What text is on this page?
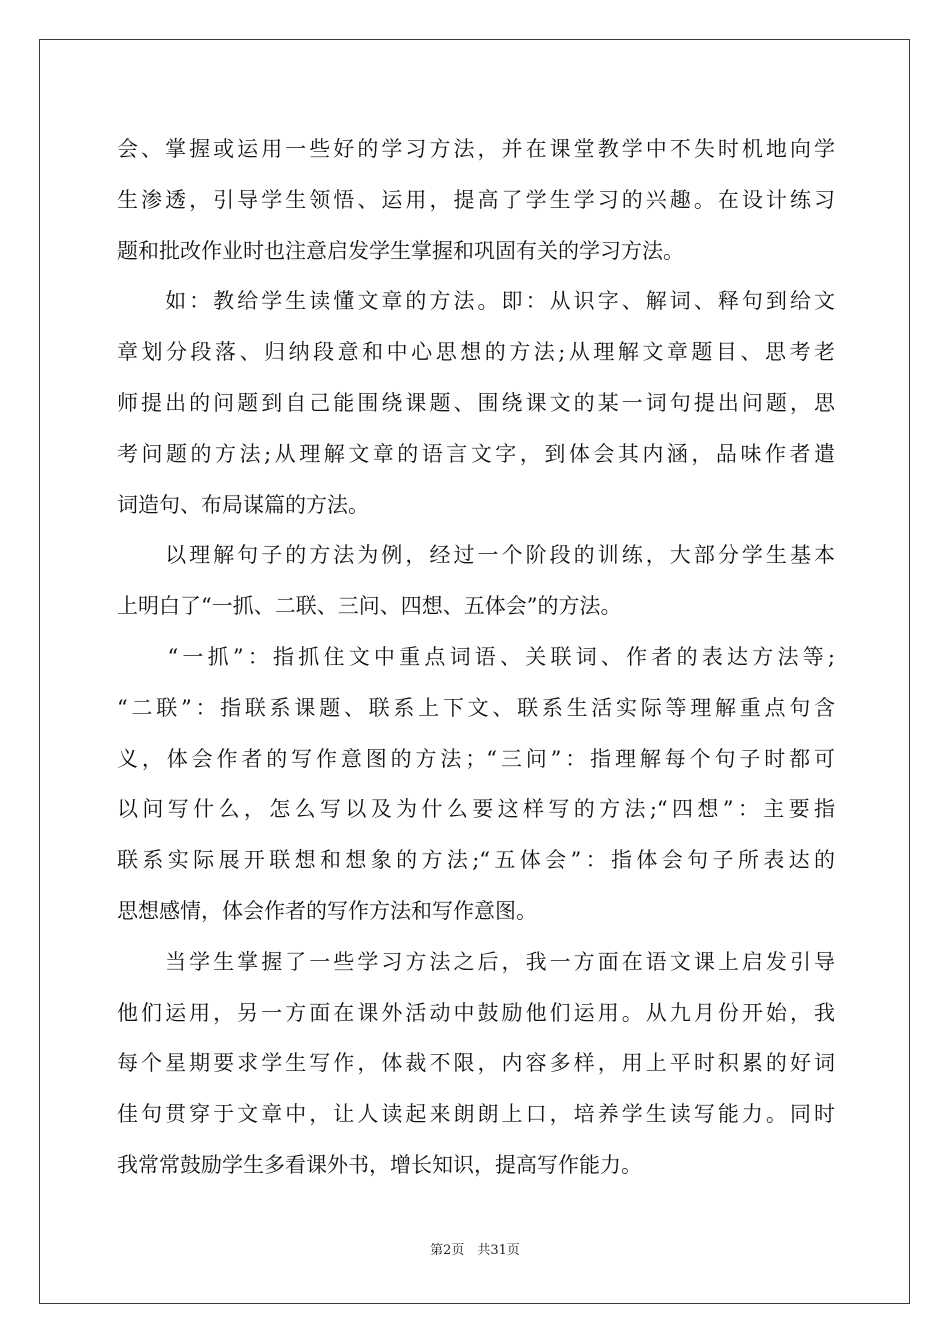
会、掌握或运用一些好的学习方法，并在课堂教学中不失时机地向学
生渗透，引导学生领悟、运用，提高了学生学习的兴趣。在设计练习
题和批改作业时也注意启发学生掌握和巩固有关的学习方法。
　　如：教给学生读懂文章的方法。即：从识字、解词、释句到给文
章划分段落、归纳段意和中心思想的方法;从理解文章题目、思考老
师提出的问题到自己能围绕课题、围绕课文的某一词句提出问题，思
考问题的方法;从理解文章的语言文字，到体会其内涵，品味作者遣
词造句、布局谋篇的方法。
　　以理解句子的方法为例，经过一个阶段的训练，大部分学生基本
上明白了“一抓、二联、三问、四想、五体会”的方法。
　　“一抓”：指抓住文中重点词语、关联词、作者的表达方法等;
“二联”：指联系课题、联系上下文、联系生活实际等理解重点句含
义，体会作者的写作意图的方法；“三问”：指理解每个句子时都可
以问写什么，怎么写以及为什么要这样写的方法;“四想”：主要指
联系实际展开联想和想象的方法;“五体会”：指体会句子所表达的
思想感情，体会作者的写作方法和写作意图。
　　当学生掌握了一些学习方法之后，我一方面在语文课上启发引导
他们运用，另一方面在课外活动中鼓励他们运用。从九月份开始，我
每个星期要求学生写作，体裁不限，内容多样，用上平时积累的好词
佳句贯穿于文章中，让人读起来朗朗上口，培养学生读写能力。同时
我常常鼓励学生多看课外书，增长知识，提高写作能力。
第2页　共31页
